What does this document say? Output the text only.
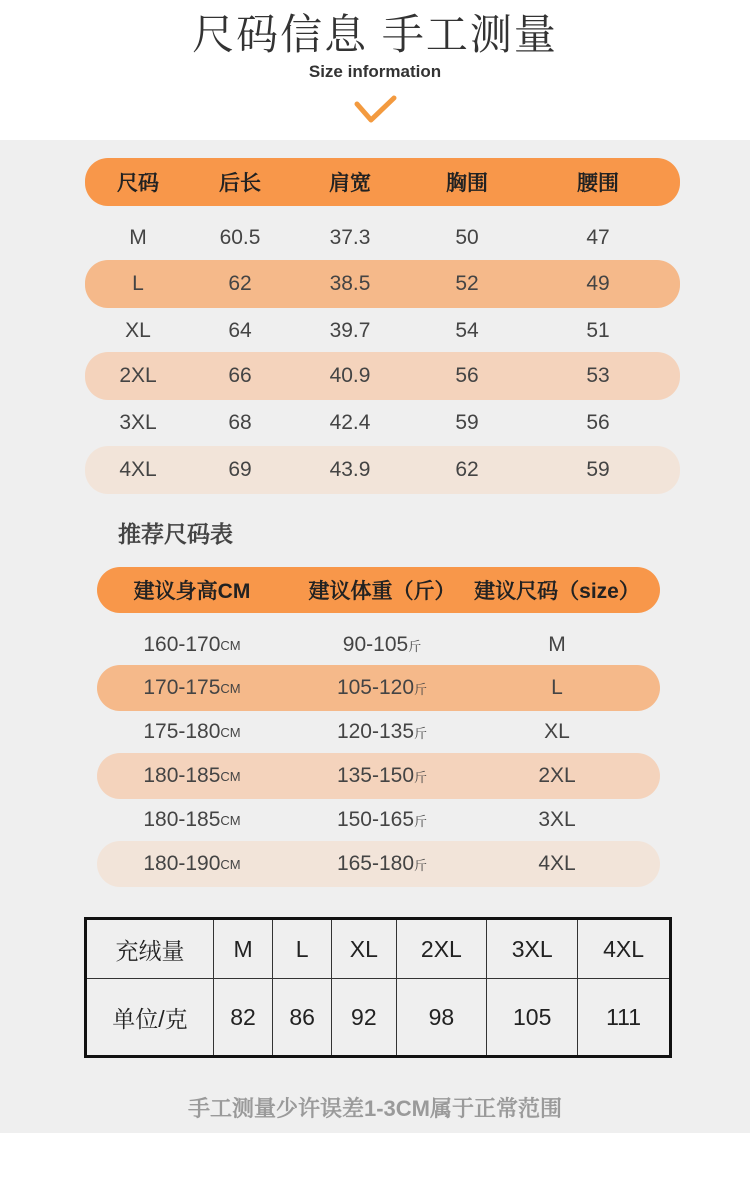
尺码信息 手工测量
Size information
尺码	后长	肩宽	胸围	腰围
M	60.5	37.3	50	47
L	62	38.5	52	49
XL	64	39.7	54	51
2XL	66	40.9	56	53
3XL	68	42.4	59	56
4XL	69	43.9	62	59
推荐尺码表
建议身高CM	建议体重（斤） 建议尺码（size）
160-170 CM	90-105 斤	M
170-175 CM	105-120 斤	L
175-180 CM	120-135 斤	XL
180-185 CM	135-150 斤	2XL
180-185 CM	150-165 斤	3XL
180-190 CM	165-180 斤	4XL
充绒量	M	L	XL	2XL	3XL	4XL
单位/克	82	86	92	98	105	111
手工测量少许误差1-3CM属于正常范围
